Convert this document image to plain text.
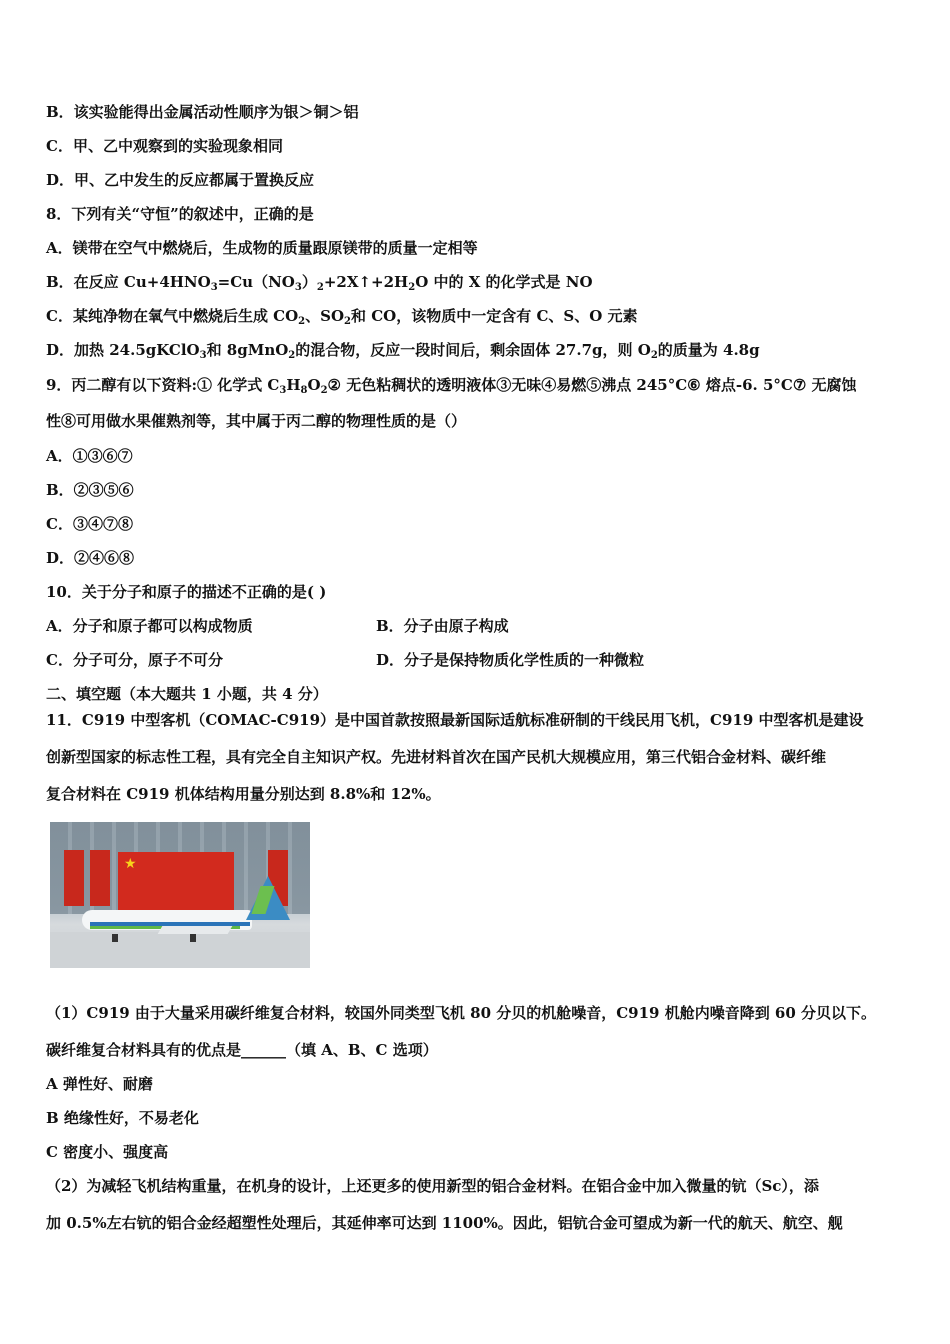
B．该实验能得出金属活动性顺序为银＞铜＞铝
C．甲、乙中观察到的实验现象相同
D．甲、乙中发生的反应都属于置换反应
8．下列有关“守恒”的叙述中，正确的是
A．镁带在空气中燃烧后，生成物的质量跟原镁带的质量一定相等
B．在反应 $Cu+4HNO_3=Cu(NO_3)_2+2X↑+2H_2O$ 中的 X 的化学式是 NO
C．某纯净物在氧气中燃烧后生成 $CO_2$、$SO_2$和 CO，该物质中一定含有 C、S、O 元素
D．加热 24.5gKClO$_3$和 8gMnO$_2$的混合物，反应一段时间后，剩余固体 27.7g，则 $O_2$的质量为 4.8g
9．丙二醇有以下资料:① 化学式 $C_3H_8O_2②$ 无色粘稠状的透明液体③无味④易燃⑤沸点 245°C⑥ 熔点-6. 5°C⑦ 无腐蚀
性⑧可用做水果催熟剂等，其中属于丙二醇的物理性质的是（）
A．①③⑥⑦
B．②③⑤⑥
C．③④⑦⑧
D．②④⑥⑧
10．关于分子和原子的描述不正确的是( )
A．分子和原子都可以构成物质	B．分子由原子构成
C．分子可分，原子不可分	D．分子是保持物质化学性质的一种微粒
二、填空题（本大题共 1 小题，共 4 分）
11．C919 中型客机（COMAC-C919）是中国首款按照最新国际适航标准研制的干线民用飞机，C919 中型客机是建设
创新型国家的标志性工程，具有完全自主知识产权。先进材料首次在国产民机大规模应用，第三代铝合金材料、碳纤维
复合材料在 C919 机体结构用量分别达到 8.8%和 12%。
★
（1）C919 由于大量采用碳纤维复合材料，较国外同类型飞机 80 分贝的机舱噪音，C919 机舱内噪音降到 60 分贝以下。
碳纤维复合材料具有的优点是______（填 A、B、C 选项）
A 弹性好、耐磨
B 绝缘性好，不易老化
C 密度小、强度高
（2）为减轻飞机结构重量，在机身的设计，上还更多的使用新型的铝合金材料。在铝合金中加入微量的钪（Sc），添
加 0.5%左右钪的铝合金经超塑性处理后，其延伸率可达到 1100%。因此，铝钪合金可望成为新一代的航天、航空、舰
